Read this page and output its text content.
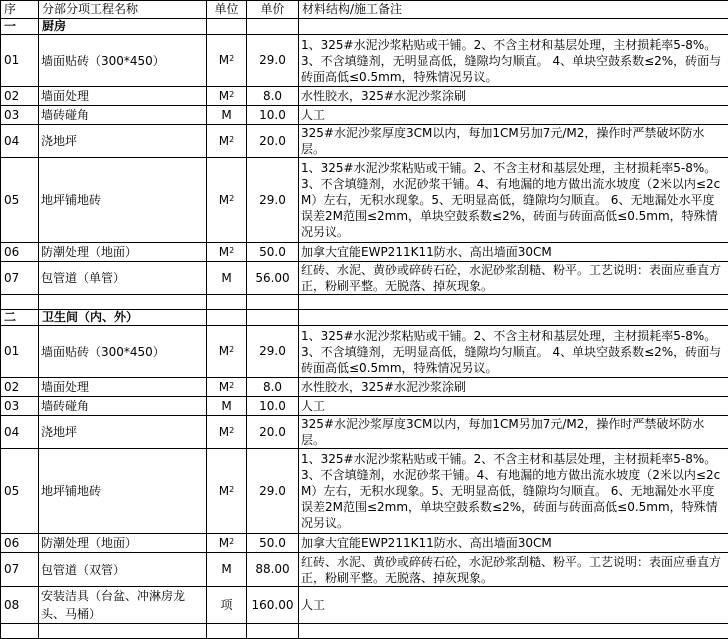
序	分部分项工程名称	单位	单价	材料结构/施工备注
一	厨房			
01	墙面贴砖（300*450）	$M^2$	29.0	1、325#水泥沙浆粘贴或干铺。2、不含主材和基层处理，主材损耗率5-8%。3、不含填缝剂，无明显高低，缝隙均匀顺直。 4、单块空鼓系数≤2%，砖面与砖面高低≤0.5mm，特殊情况另议。
02	墙面处理	$M^2$	8.0	水性胶水，325#水泥沙浆涂刷
03	墙砖碰角	M	10.0	人工
04	浇地坪	$M^2$	20.0	325#水泥沙浆厚度3CM以内，每加1CM另加7元/M2，操作时严禁破坏防水层。
05	地坪铺地砖	$M^2$	29.0	1、325#水泥沙浆粘贴或干铺。2、不含主材和基层处理，主材损耗率5-8%。3、不含填缝剂，水泥砂浆干铺。4、有地漏的地方做出流水坡度（2米以内≤2cM）左右，无积水现象。5、无明显高低，缝隙均匀顺直。 6、无地漏处水平度误差2M范围≤2mm，单块空鼓系数≤2%，砖面与砖面高低≤0.5mm，特殊情况另议。
06	防潮处理（地面）	$M^2$	50.0	加拿大宜能EWP211K11防水、高出墙面30CM
07	包管道（单管）	M	56.00	红砖、水泥、黄砂或碎砖石砼，水泥砂浆刮糙、粉平。工艺说明：表面应垂直方正，粉刷平整。无脱落、掉灰现象。

二	卫生间（内、外）			
01	墙面贴砖（300*450）	$M^2$	29.0	1、325#水泥沙浆粘贴或干铺。2、不含主材和基层处理，主材损耗率5-8%。3、不含填缝剂，无明显高低，缝隙均匀顺直。 4、单块空鼓系数≤2%，砖面与砖面高低≤0.5mm，特殊情况另议。
02	墙面处理	$M^2$	8.0	水性胶水，325#水泥沙浆涂刷
03	墙砖碰角	M	10.0	人工
04	浇地坪	$M^2$	20.0	325#水泥沙浆厚度3CM以内，每加1CM另加7元/M2，操作时严禁破坏防水层。
05	地坪铺地砖	$M^2$	29.0	1、325#水泥沙浆粘贴或干铺。2、不含主材和基层处理，主材损耗率5-8%。3、不含填缝剂，水泥砂浆干铺。4、有地漏的地方做出流水坡度（2米以内≤2cM）左右，无积水现象。5、无明显高低，缝隙均匀顺直。 6、无地漏处水平度误差2M范围≤2mm，单块空鼓系数≤2%，砖面与砖面高低≤0.5mm，特殊情况另议。
06	防潮处理（地面）	$M^2$	50.0	加拿大宜能EWP211K11防水、高出墙面30CM
07	包管道（双管）	M	88.00	红砖、水泥、黄砂或碎砖石砼，水泥砂浆刮糙、粉平。工艺说明：表面应垂直方正，粉刷平整。无脱落、掉灰现象。
08	安装洁具（台盆、冲淋房龙头、马桶）	项	160.00	人工
